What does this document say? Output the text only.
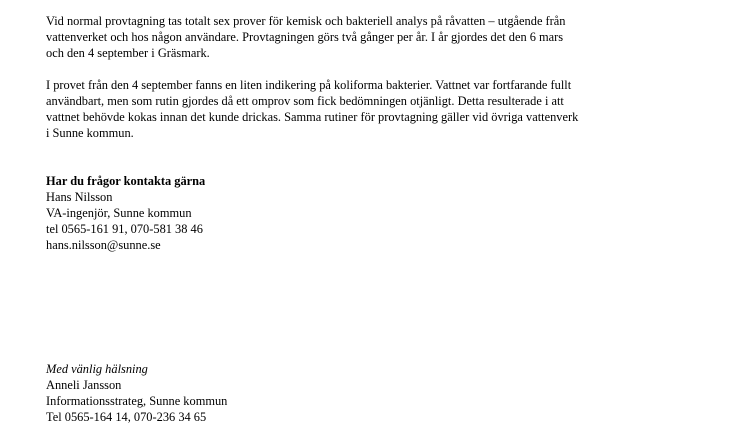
Vid normal provtagning tas totalt sex prover för kemisk och bakteriell analys på råvatten – utgående från

vattenverket och hos någon användare. Provtagningen görs två gånger per år. I år gjordes det den 6 mars

och den 4 september i Gräsmark.

I provet från den 4 september fanns en liten indikering på koliforma bakterier. Vattnet var fortfarande fullt

användbart, men som rutin gjordes då ett omprov som fick bedömningen otjänligt. Detta resulterade i att

vattnet behövde kokas innan det kunde drickas. Samma rutiner för provtagning gäller vid övriga vattenverk

i Sunne kommun.

Har du frågor kontakta gärna

Hans Nilsson

VA-ingenjör, Sunne kommun

tel 0565-161 91, 070-581 38 46

hans.nilsson@sunne.se

Med vänlig hälsning

Anneli Jansson

Informationsstrateg, Sunne kommun

Tel 0565-164 14, 070-236 34 65
